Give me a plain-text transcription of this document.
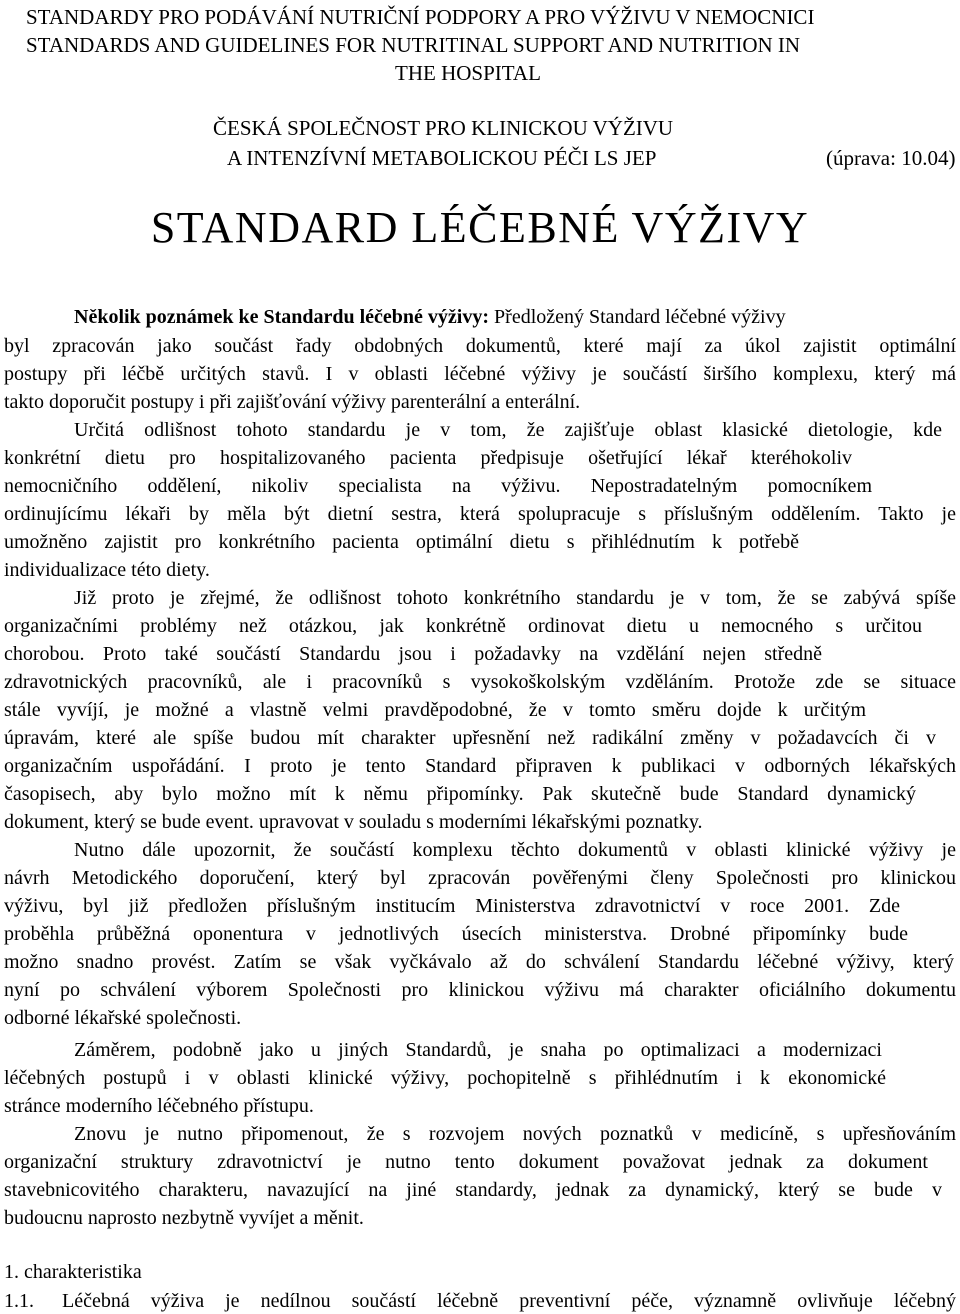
STANDARDY PRO PODÁVÁNÍ NUTRIČNÍ PODPORY A PRO VÝŽIVU V NEMOCNICI
STANDARDS AND GUIDELINES FOR NUTRITINAL SUPPORT AND NUTRITION IN
THE HOSPITAL
ČESKÁ SPOLEČNOST PRO KLINICKOU VÝŽIVU
A INTENZÍVNÍ METABOLICKOU PÉČI LS JEP	(úprava: 10.04)
STANDARD LÉČEBNÉ VÝŽIVY
Několik poznámek ke Standardu léčebné výživy: Předložený Standard léčebné výživy
byl zpracován jako součást řady obdobných dokumentů, které mají za úkol zajistit optimální
postupy při léčbě určitých stavů. I v oblasti léčebné výživy je součástí širšího komplexu, který má
takto doporučit postupy i při zajišťování výživy parenterální a enterální.
Určitá odlišnost tohoto standardu je v tom, že zajišťuje oblast klasické dietologie, kde
konkrétní dietu pro hospitalizovaného pacienta předpisuje ošetřující lékař kteréhokoliv
nemocničního oddělení, nikoliv specialista na výživu. Nepostradatelným pomocníkem
ordinujícímu lékaři by měla být dietní sestra, která spolupracuje s příslušným oddělením. Takto je
umožněno zajistit pro konkrétního pacienta optimální dietu s přihlédnutím k potřebě
individualizace této diety.
Již proto je zřejmé, že odlišnost tohoto konkrétního standardu je v tom, že se zabývá spíše
organizačními problémy než otázkou, jak konkrétně ordinovat dietu u nemocného s určitou
chorobou. Proto také součástí Standardu jsou i požadavky na vzdělání nejen středně
zdravotnických pracovníků, ale i pracovníků s vysokoškolským vzděláním. Protože zde se situace
stále vyvíjí, je možné a vlastně velmi pravděpodobné, že v tomto směru dojde k určitým
úpravám, které ale spíše budou mít charakter upřesnění než radikální změny v požadavcích či v
organizačním uspořádání. I proto je tento Standard připraven k publikaci v odborných lékařských
časopisech, aby bylo možno mít k němu připomínky. Pak skutečně bude Standard dynamický
dokument, který se bude event. upravovat v souladu s moderními lékařskými poznatky.
Nutno dále upozornit, že součástí komplexu těchto dokumentů v oblasti klinické výživy je
návrh Metodického doporučení, který byl zpracován pověřenými členy Společnosti pro klinickou
výživu, byl již předložen příslušným institucím Ministerstva zdravotnictví v roce 2001. Zde
proběhla průběžná oponentura v jednotlivých úsecích ministerstva. Drobné připomínky bude
možno snadno provést. Zatím se však vyčkávalo až do schválení Standardu léčebné výživy, který
nyní po schválení výborem Společnosti pro klinickou výživu má charakter oficiálního dokumentu
odborné lékařské společnosti.
Záměrem, podobně jako u jiných Standardů, je snaha po optimalizaci a modernizaci
léčebných postupů i v oblasti klinické výživy, pochopitelně s přihlédnutím i k ekonomické
stránce moderního léčebného přístupu.
Znovu je nutno připomenout, že s rozvojem nových poznatků v medicíně, s upřesňováním
organizační struktury zdravotnictví je nutno tento dokument považovat jednak za dokument
stavebnicovitého charakteru, navazující na jiné standardy, jednak za dynamický, který se bude v
budoucnu naprosto nezbytně vyvíjet a měnit.
1. charakteristika
1.1. Léčebná výživa je nedílnou součástí léčebně preventivní péče, významně ovlivňuje léčebný
